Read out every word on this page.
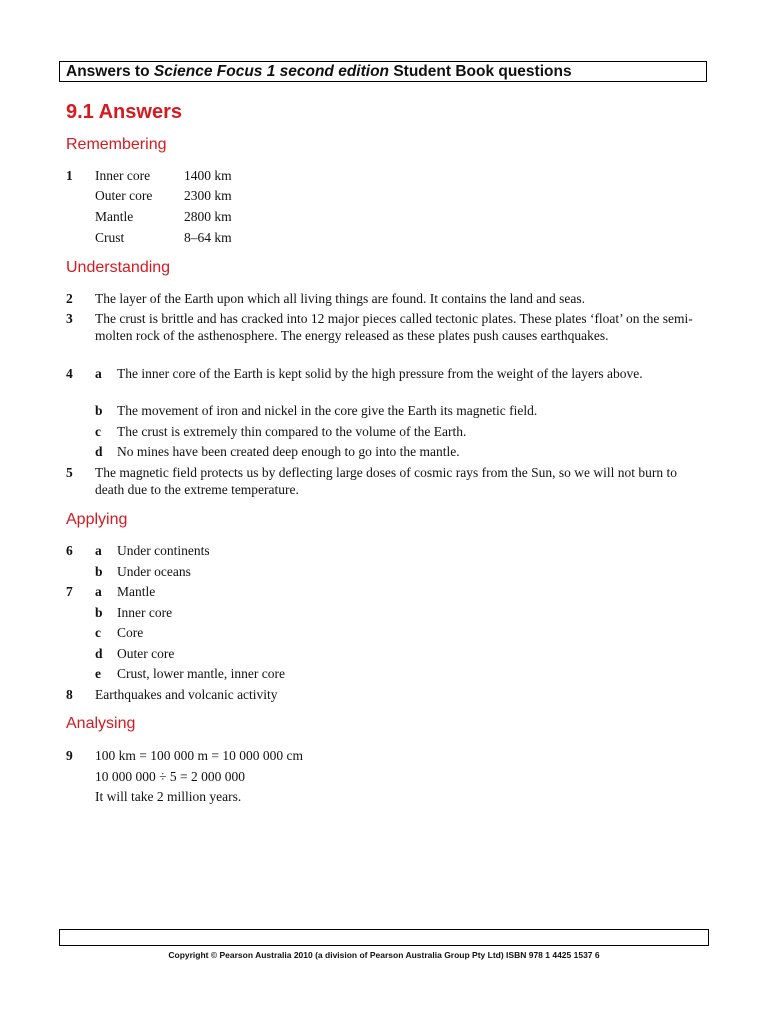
Answers to Science Focus 1 second edition Student Book questions
9.1 Answers
Remembering
1 Inner core	1400 km
Outer core 2300 km
Mantle	2800 km
Crust	8–64 km
Understanding
2 The layer of the Earth upon which all living things are found. It contains the land and seas.
3 The crust is brittle and has cracked into 12 major pieces called tectonic plates. These plates ‘float’ on the semi- molten rock of the asthenosphere. The energy released as these plates push causes earthquakes.
4 a The inner core of the Earth is kept solid by the high pressure from the weight of the layers above.
b The movement of iron and nickel in the core give the Earth its magnetic field.
c The crust is extremely thin compared to the volume of the Earth.
d No mines have been created deep enough to go into the mantle.
5 The magnetic field protects us by deflecting large doses of cosmic rays from the Sun, so we will not burn to death due to the extreme temperature.
Applying
6 a Under continents
b Under oceans
7 a Mantle
b Inner core
c Core
d Outer core
e Crust, lower mantle, inner core
8 Earthquakes and volcanic activity
Analysing
9 100 km = 100 000 m = 10 000 000 cm
10 000 000 ÷ 5 = 2 000 000
It will take 2 million years.
Copyright © Pearson Australia 2010 (a division of Pearson Australia Group Pty Ltd) ISBN 978 1 4425 1537 6
